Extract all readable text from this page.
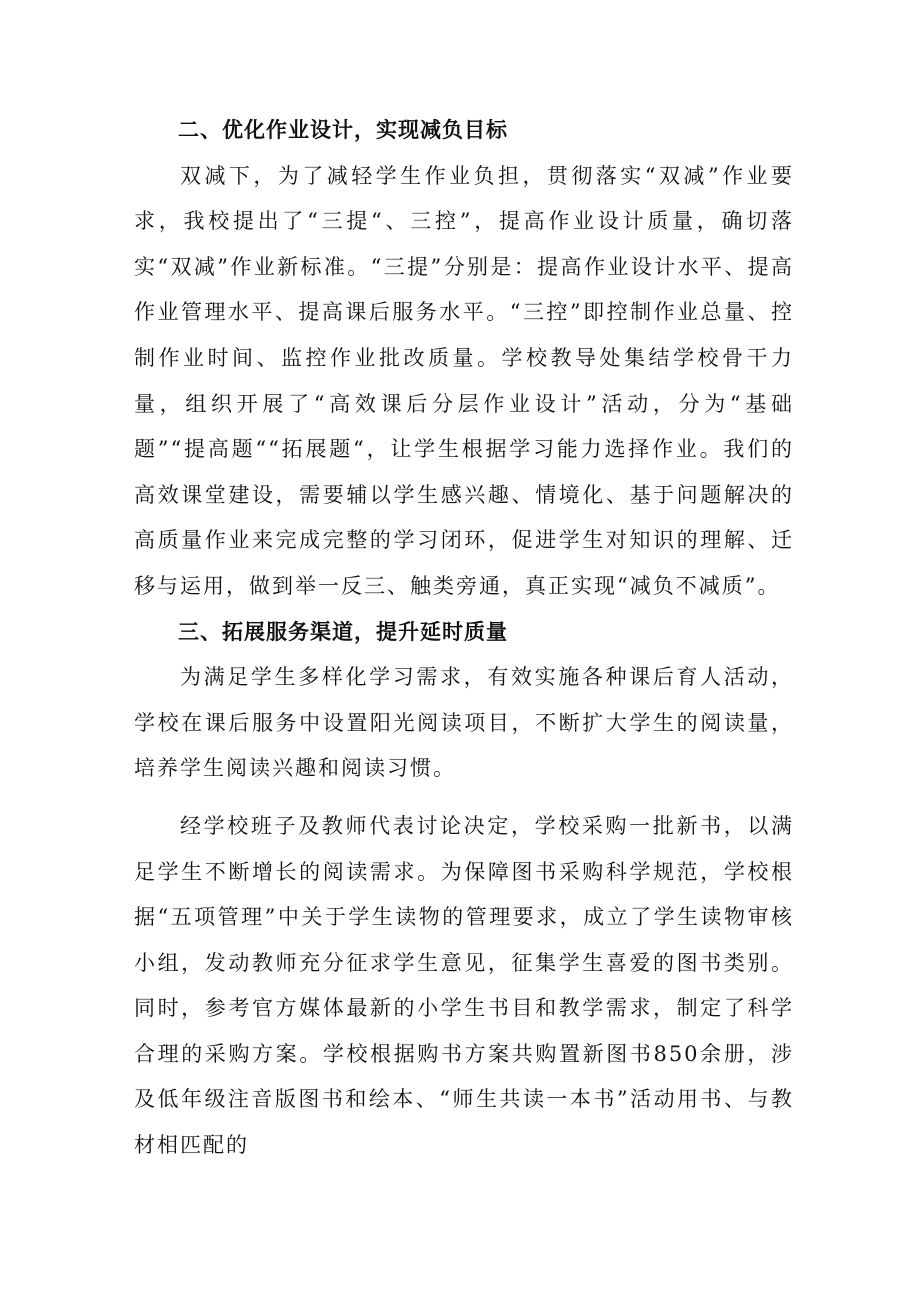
二、优化作业设计，实现减负目标

双减下，为了减轻学生作业负担，贯彻落实“双减”作业要求，我校提出了“三提“、三控”，提高作业设计质量，确切落实“双减”作业新标准。“三提”分别是：提高作业设计水平、提高作业管理水平、提高课后服务水平。“三控”即控制作业总量、控制作业时间、监控作业批改质量。学校教导处集结学校骨干力量，组织开展了“高效课后分层作业设计”活动，分为“基础题”“提高题““拓展题“，让学生根据学习能力选择作业。我们的高效课堂建设，需要辅以学生感兴趣、情境化、基于问题解决的高质量作业来完成完整的学习闭环，促进学生对知识的理解、迁移与运用，做到举一反三、触类旁通，真正实现“减负不减质”。

三、拓展服务渠道，提升延时质量

为满足学生多样化学习需求，有效实施各种课后育人活动，学校在课后服务中设置阳光阅读项目，不断扩大学生的阅读量，培养学生阅读兴趣和阅读习惯。

经学校班子及教师代表讨论决定，学校采购一批新书，以满足学生不断增长的阅读需求。为保障图书采购科学规范，学校根据“五项管理”中关于学生读物的管理要求，成立了学生读物审核小组，发动教师充分征求学生意见，征集学生喜爱的图书类别。同时，参考官方媒体最新的小学生书目和教学需求，制定了科学合理的采购方案。学校根据购书方案共购置新图书850余册，涉及低年级注音版图书和绘本、“师生共读一本书”活动用书、与教材相匹配的
